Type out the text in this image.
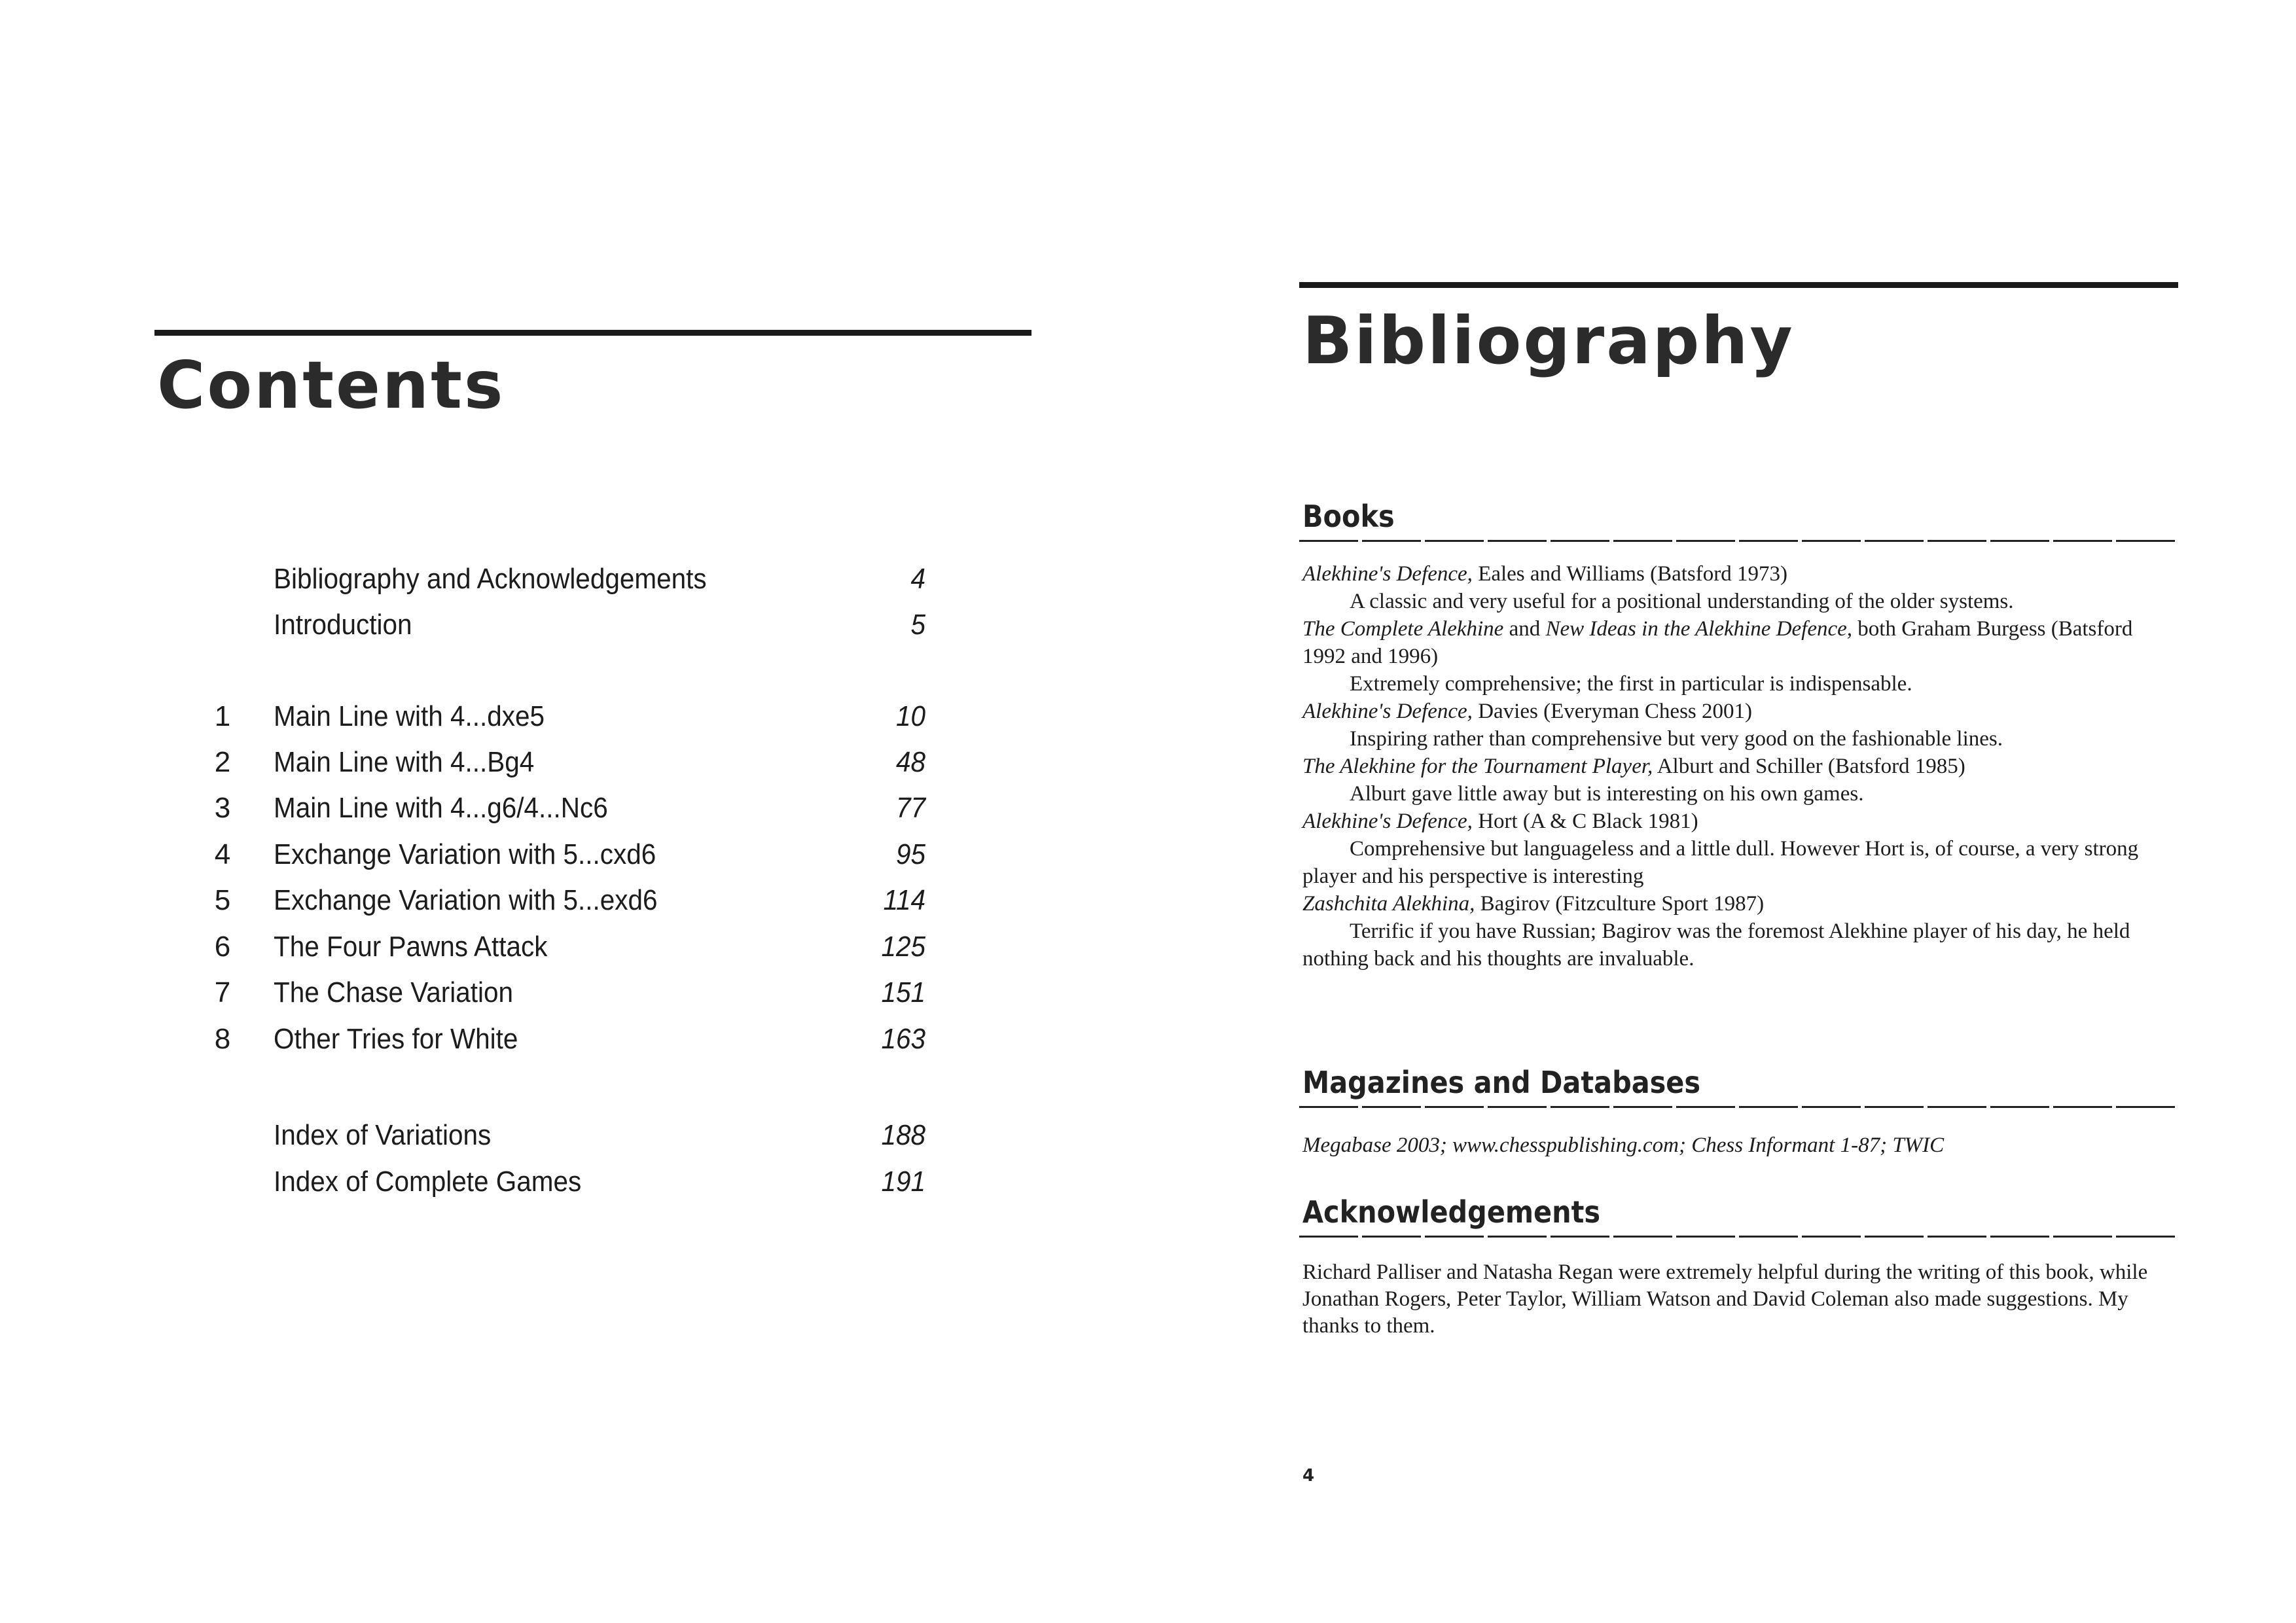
Contents
Bibliography and Acknowledgements	4
Introduction	5
1	Main Line with 4...dxe5	10
2	Main Line with 4...Bg4	48
3	Main Line with 4...g6/4...Nc6	77
4	Exchange Variation with 5...cxd6	95
5	Exchange Variation with 5...exd6	114
6	The Four Pawns Attack	125
7	The Chase Variation	151
8	Other Tries for White	163
Index of Variations	188
Index of Complete Games	191
Bibliography
Books

Alekhine's Defence, Eales and Williams (Batsford 1973)

A classic and very useful for a positional understanding of the older systems.

The Complete Alekhine and New Ideas in the Alekhine Defence, both Graham Burgess (Batsford 1992 and 1996)

Extremely comprehensive; the first in particular is indispensable.

Alekhine's Defence, Davies (Everyman Chess 2001)

Inspiring rather than comprehensive but very good on the fashionable lines.

The Alekhine for the Tournament Player, Alburt and Schiller (Batsford 1985)

Alburt gave little away but is interesting on his own games.

Alekhine's Defence, Hort (A & C Black 1981)

Comprehensive but languageless and a little dull. However Hort is, of course, a very strong player and his perspective is interesting

Zashchita Alekhina, Bagirov (Fitzculture Sport 1987)

Terrific if you have Russian; Bagirov was the foremost Alekhine player of his day, he held nothing back and his thoughts are invaluable.

Magazines and Databases
Megabase 2003; www.chesspublishing.com; Chess Informant 1-87; TWIC
Acknowledgements

Richard Palliser and Natasha Regan were extremely helpful during the writing of this book, while Jonathan Rogers, Peter Taylor, William Watson and David Coleman also made suggestions. My thanks to them.

4
